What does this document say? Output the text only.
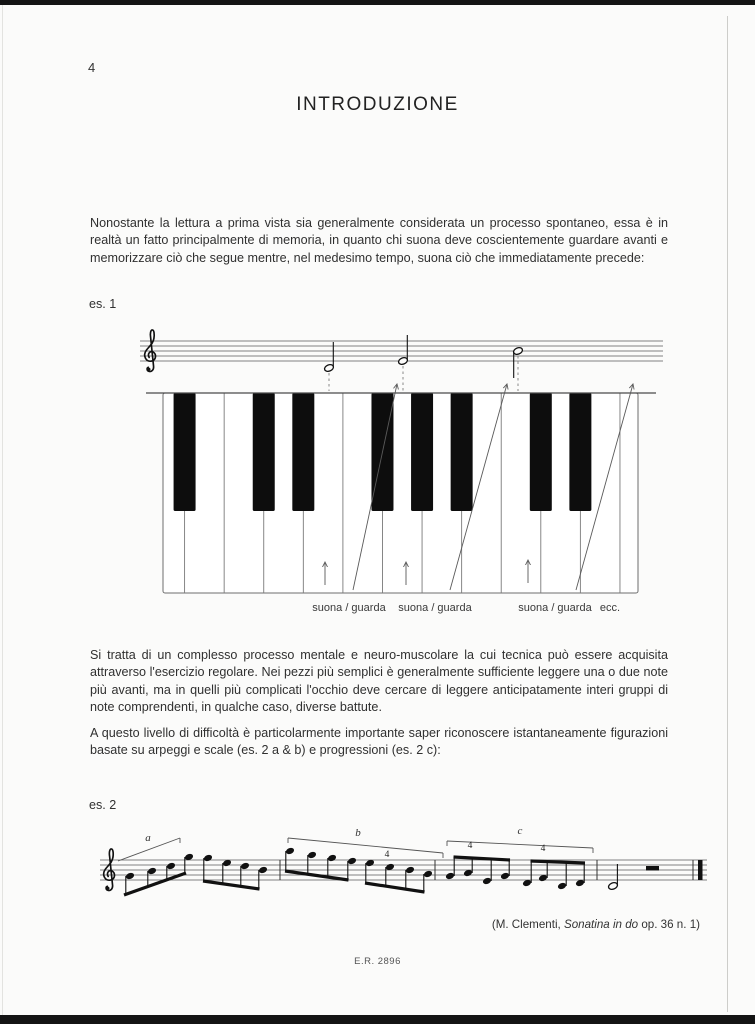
4
INTRODUZIONE

Nonostante la lettura a prima vista sia generalmente considerata un processo spontaneo, essa è in realtà un fatto principalmente di memoria, in quanto chi suona deve coscientemente guardare avanti e memorizzare ciò che segue mentre, nel medesimo tempo, suona ciò che immediatamente precede:

es. 1
suona / guarda suona / guarda	suona / guarda ecc.

Si tratta di un complesso processo mentale e neuro-muscolare la cui tecnica può essere acquisita attraverso l'esercizio regolare. Nei pezzi più semplici è generalmente sufficiente leggere una o due note più avanti, ma in quelli più complicati l'occhio deve cercare di leggere anticipatamente interi gruppi di note comprendenti, in qualche caso, diverse battute.

A questo livello di difficoltà è particolarmente importante saper riconoscere istantaneamente figurazioni basate su arpeggi e scale (es. 2 a & b) e progressioni (es. 2 c):

es. 2
a	b	c
4
4	4
(M. Clementi, Sonatina in do op. 36 n. 1)
E.R. 2896
